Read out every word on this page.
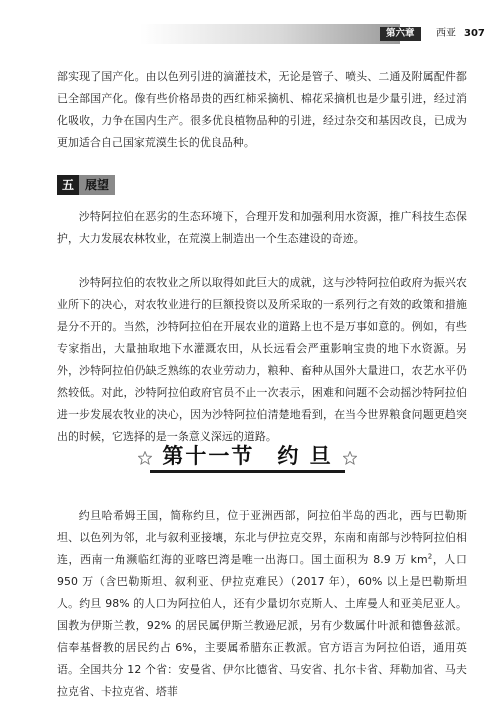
第六章	西亚 307

部实现了国产化。由以色列引进的滴灌技术，无论是管子、喷头、二通及附属配件都已全部国产化。像有些价格昂贵的西红柿采摘机、棉花采摘机也是少量引进，经过消化吸收，力争在国内生产。很多优良植物品种的引进，经过杂交和基因改良，已成为更加适合自己国家荒漠生长的优良品种。

五 展望

沙特阿拉伯在恶劣的生态环境下，合理开发和加强利用水资源，推广科技生态保护，大力发展农林牧业，在荒漠上制造出一个生态建设的奇迹。

沙特阿拉伯的农牧业之所以取得如此巨大的成就，这与沙特阿拉伯政府为振兴农业所下的决心，对农牧业进行的巨额投资以及所采取的一系列行之有效的政策和措施是分不开的。当然，沙特阿拉伯在开展农业的道路上也不是万事如意的。例如，有些专家指出，大量抽取地下水灌溉农田，从长远看会严重影响宝贵的地下水资源。另外，沙特阿拉伯仍缺乏熟练的农业劳动力，粮种、畜种从国外大量进口，农艺水平仍然较低。对此，沙特阿拉伯政府官员不止一次表示，困难和问题不会动摇沙特阿拉伯进一步发展农牧业的决心，因为沙特阿拉伯清楚地看到，在当今世界粮食问题更趋突出的时候，它选择的是一条意义深远的道路。

第十一节　约 旦

约旦哈希姆王国，简称约旦，位于亚洲西部，阿拉伯半岛的西北，西与巴勒斯坦、以色列为邻，北与叙利亚接壤，东北与伊拉克交界，东南和南部与沙特阿拉伯相连，西南一角濒临红海的亚喀巴湾是唯一出海口。国土面积为 8.9 万 $km^2$，人口 950 万（含巴勒斯坦、叙利亚、伊拉克难民）（2017 年），60% 以上是巴勒斯坦人。约旦 98% 的人口为阿拉伯人，还有少量切尔克斯人、土库曼人和亚美尼亚人。国教为伊斯兰教，92% 的居民属伊斯兰教逊尼派，另有少数属什叶派和德鲁兹派。信奉基督教的居民约占 6%，主要属希腊东正教派。官方语言为阿拉伯语，通用英语。全国共分 12 个省：安曼省、伊尔比德省、马安省、扎尔卡省、拜勒加省、马夫拉克省、卡拉克省、塔菲
